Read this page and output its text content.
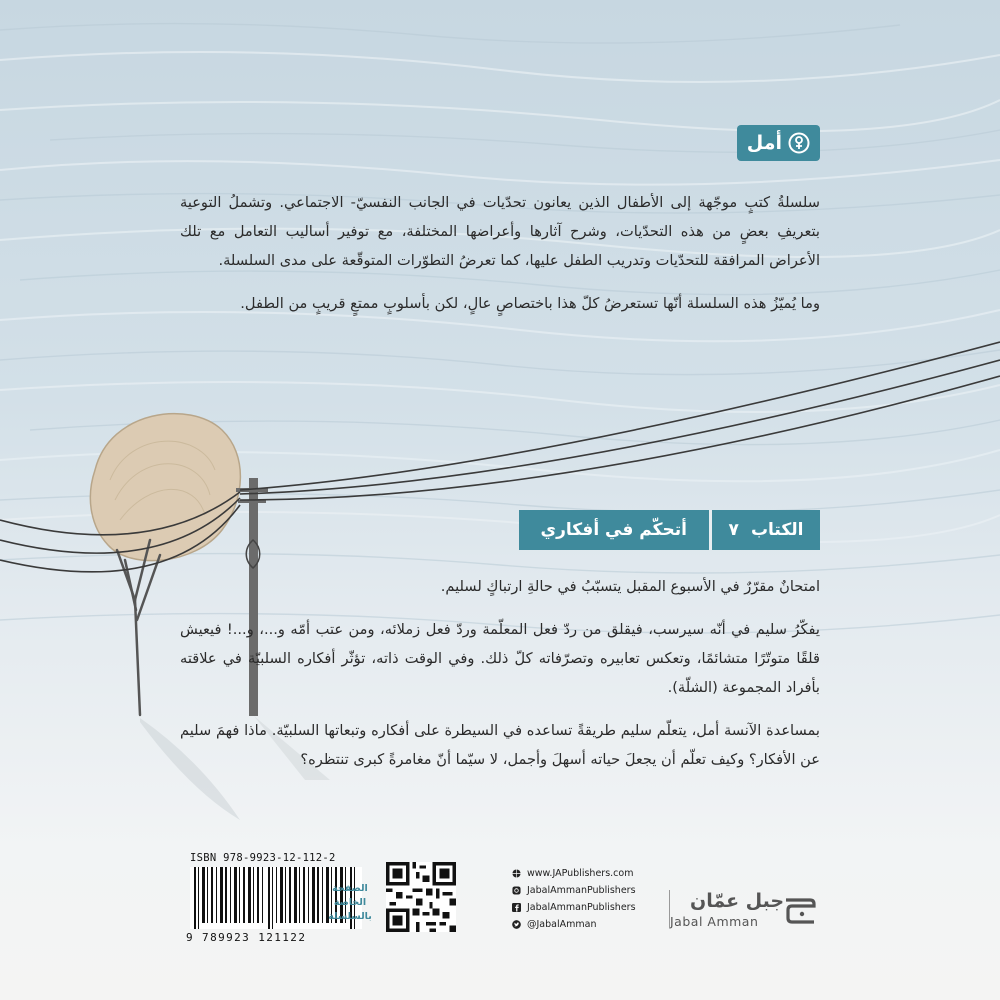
أمل

سلسلةُ كتبٍ موجّهة إلى الأطفال الذين يعانون تحدّيات في الجانب النفسيّ- الاجتماعي. وتشملُ التوعية بتعريفِ بعضٍ من هذه التحدّيات، وشرح آثارها وأعراضها المختلفة، مع توفير أساليب التعامل مع تلك الأعراض المرافقة للتحدّيات وتدريب الطفل عليها، كما تعرضُ التطوّرات المتوقّعة على مدى السلسلة.

وما يُميّزُ هذه السلسلة أنّها تستعرضُ كلّ هذا باختصاصٍ عالٍ، لكن بأسلوبٍ ممتعٍ قريبٍ من الطفل.

الكتاب
٧
أتحكّم في أفكاري

امتحانٌ مقرّرٌ في الأسبوع المقبل يتسبّبُ في حالةِ ارتباكٍ لسليم.

يفكّرُ سليم في أنّه سيرسب، فيقلق من ردّ فعل المعلّمة وردّ فعل زملائه، ومن عتب أمّه و...، و...! فيعيش قلقًا متوتّرًا متشائمًا، وتعكس تعابيره وتصرّفاته كلّ ذلك. وفي الوقت ذاته، تؤثّر أفكاره السلبيّة في علاقته بأفراد المجموعة (الشلّة).

بمساعدة الآنسة أمل، يتعلّم سليم طريقةً تساعده في السيطرة على أفكاره وتبعاتها السلبيّة. ماذا فهمَ سليم عن الأفكار؟ وكيف تعلّم أن يجعلَ حياته أسهلَ وأجمل، لا سيّما أنّ مغامرةً كبرى تنتظره؟

ISBN 978-9923-12-112-2
9 789923 121122
الصفحة
الخاصة
بالسلسلة
www.JAPublishers.com
JabalAmmanPublishers
JabalAmmanPublishers
@JabalAmman
جبل عمّان
Jabal Amman
